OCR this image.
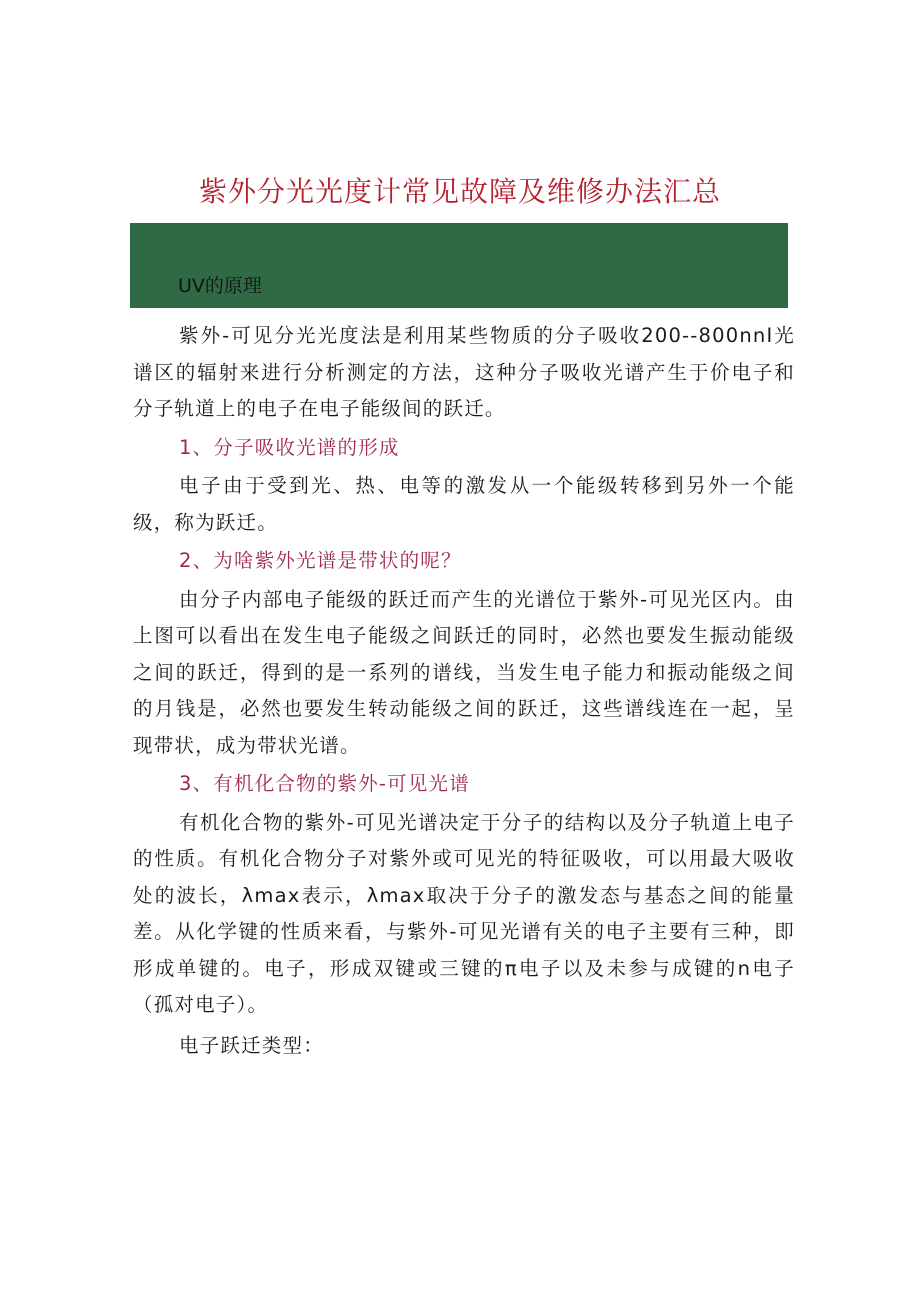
紫外分光光度计常见故障及维修办法汇总
UV的原理

紫外-可见分光光度法是利用某些物质的分子吸收200--800nnI光谱区的辐射来进行分析测定的方法，这种分子吸收光谱产生于价电子和分子轨道上的电子在电子能级间的跃迁。

1、分子吸收光谱的形成

电子由于受到光、热、电等的激发从一个能级转移到另外一个能级，称为跃迁。

2、为啥紫外光谱是带状的呢？

由分子内部电子能级的跃迁而产生的光谱位于紫外-可见光区内。由上图可以看出在发生电子能级之间跃迁的同时，必然也要发生振动能级之间的跃迁，得到的是一系列的谱线，当发生电子能力和振动能级之间的月钱是，必然也要发生转动能级之间的跃迁，这些谱线连在一起，呈现带状，成为带状光谱。

3、有机化合物的紫外-可见光谱

有机化合物的紫外-可见光谱决定于分子的结构以及分子轨道上电子的性质。有机化合物分子对紫外或可见光的特征吸收，可以用最大吸收处的波长，λmax表示，λmax取决于分子的激发态与基态之间的能量差。从化学键的性质来看，与紫外-可见光谱有关的电子主要有三种，即形成单键的。电子，形成双键或三键的π电子以及未参与成键的n电子（孤对电子）。

电子跃迁类型：
